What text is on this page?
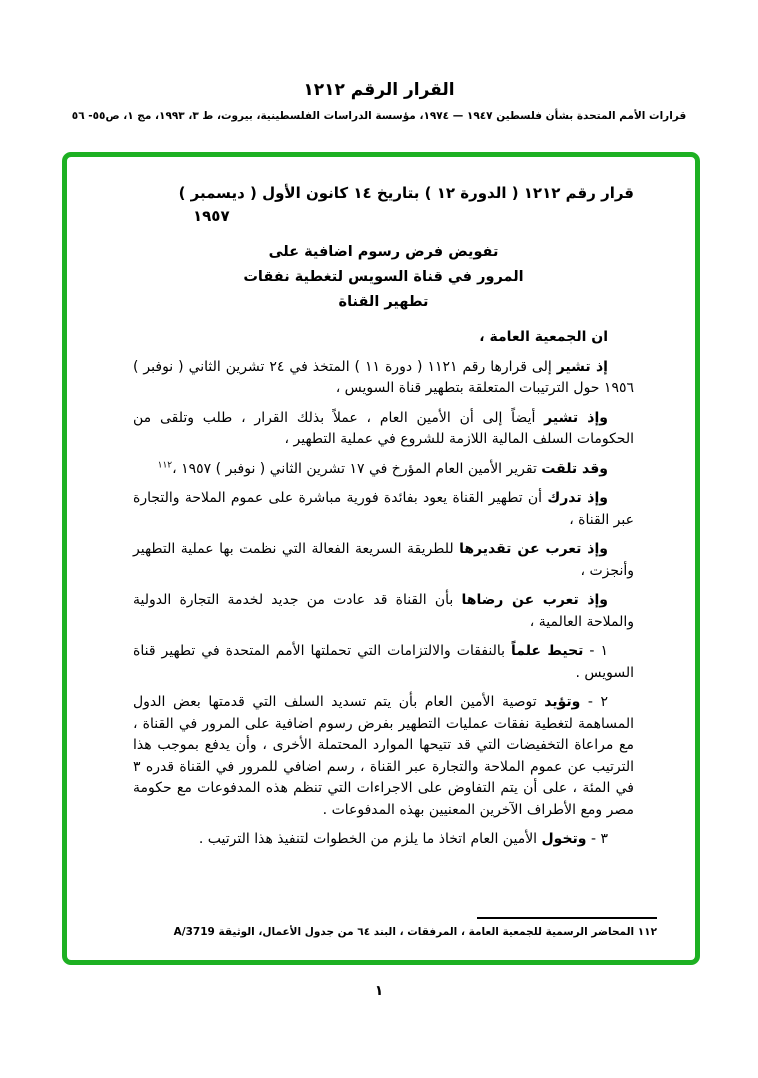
القرار الرقم ١٢١٢
قرارات الأمم المتحدة بشأن فلسطين ١٩٤٧ — ١٩٧٤، مؤسسة الدراسات الفلسطينية، بيروت، ط ٣، ١٩٩٣، مج ١، ص٥٥- ٥٦
قرار رقم ١٢١٢ ( الدورة ١٢ ) بتاريخ ١٤ كانون الأول ( ديسمبر )
١٩٥٧
تفويض فرض رسوم اضافية على
المرور في قناة السويس لتغطية نفقات
تطهير القناة

ان الجمعية العامة ،

إذ تشير إلى قرارها رقم ١١٢١ ( دورة ١١ ) المتخذ في ٢٤ تشرين الثاني ( نوفبر ) ١٩٥٦ حول الترتيبات المتعلقة بتطهير قناة السويس ،

وإذ تشير أيضاً إلى أن الأمين العام ، عملاً بذلك القرار ، طلب وتلقى من الحكومات السلف المالية اللازمة للشروع في عملية التطهير ،

وقد تلقت تقرير الأمين العام المؤرخ في ١٧ تشرين الثاني ( نوفبر ) ١٩٥٧ ،$^{١١٢}$

وإذ تدرك أن تطهير القناة يعود بفائدة فورية مباشرة على عموم الملاحة والتجارة عبر القناة ،

وإذ تعرب عن تقديرها للطريقة السريعة الفعالة التي نظمت بها عملية التطهير وأنجزت ،

وإذ تعرب عن رضاها بأن القناة قد عادت من جديد لخدمة التجارة الدولية والملاحة العالمية ،

١ - تحيط علماً بالنفقات والالتزامات التي تحملتها الأمم المتحدة في تطهير قناة السويس .

٢ - وتؤيد توصية الأمين العام بأن يتم تسديد السلف التي قدمتها بعض الدول المساهمة لتغطية نفقات عمليات التطهير بفرض رسوم اضافية على المرور في القناة ، مع مراعاة التخفيضات التي قد تتيحها الموارد المحتملة الأخرى ، وأن يدفع بموجب هذا الترتيب عن عموم الملاحة والتجارة عبر القناة ، رسم اضافي للمرور في القناة قدره ٣ في المئة ، على أن يتم التفاوض على الاجراءات التي تنظم هذه المدفوعات مع حكومة مصر ومع الأطراف الآخرين المعنيين بهذه المدفوعات .

٣ - وتخول الأمين العام اتخاذ ما يلزم من الخطوات لتنفيذ هذا الترتيب .

١١٢ المحاضر الرسمية للجمعية العامة ، المرفقات ، البند ٦٤ من جدول الأعمال، الوثيقة A/3719
١
